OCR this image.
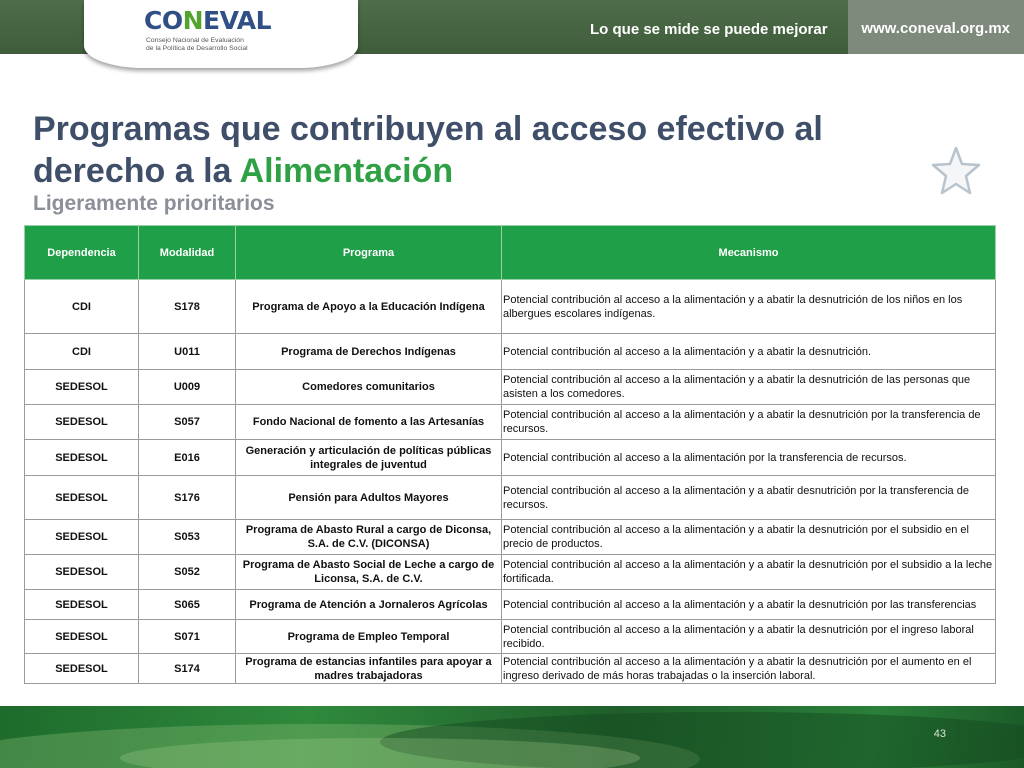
Lo que se mide se puede mejorar www.coneval.org.mx
CONEVAL
Consejo Nacional de Evaluación
de la Política de Desarrollo Social
Programas que contribuyen al acceso efectivo al
derecho a la Alimentación
Ligeramente prioritarios
Dependencia	Modalidad	Programa	Mecanismo
CDI	S178	Programa de Apoyo a la Educación Indígena	Potencial contribución al acceso a la alimentación y a abatir la desnutrición de los niños en los albergues escolares indígenas.
CDI	U011	Programa de Derechos Indígenas	Potencial contribución al acceso a la alimentación y a abatir la desnutrición.
SEDESOL	U009	Comedores comunitarios	Potencial contribución al acceso a la alimentación y a abatir la desnutrición de las personas que asisten a los comedores.
SEDESOL	S057	Fondo Nacional de fomento a las Artesanías	Potencial contribución al acceso a la alimentación y a abatir la desnutrición por la transferencia de recursos.
SEDESOL	E016	Generación y articulación de políticas públicas integrales de juventud	Potencial contribución al acceso a la alimentación por la transferencia de recursos.
SEDESOL	S176	Pensión para Adultos Mayores	Potencial contribución al acceso a la alimentación y a abatir desnutrición por la transferencia de recursos.
SEDESOL	S053	Programa de Abasto Rural a cargo de Diconsa, S.A. de C.V. (DICONSA)	Potencial contribución al acceso a la alimentación y a abatir la desnutrición por el subsidio en el precio de productos.
SEDESOL	S052	Programa de Abasto Social de Leche a cargo de Liconsa, S.A. de C.V.	Potencial contribución al acceso a la alimentación y a abatir la desnutrición por el subsidio a la leche fortificada.
SEDESOL	S065	Programa de Atención a Jornaleros Agrícolas	Potencial contribución al acceso a la alimentación y a abatir la desnutrición por las transferencias
SEDESOL	S071	Programa de Empleo Temporal	Potencial contribución al acceso a la alimentación y a abatir la desnutrición por el ingreso laboral recibido.
SEDESOL	S174	Programa de estancias infantiles para apoyar a madres trabajadoras	Potencial contribución al acceso a la alimentación y a abatir la desnutrición por el aumento en el ingreso derivado de más horas trabajadas o la inserción laboral.
43
